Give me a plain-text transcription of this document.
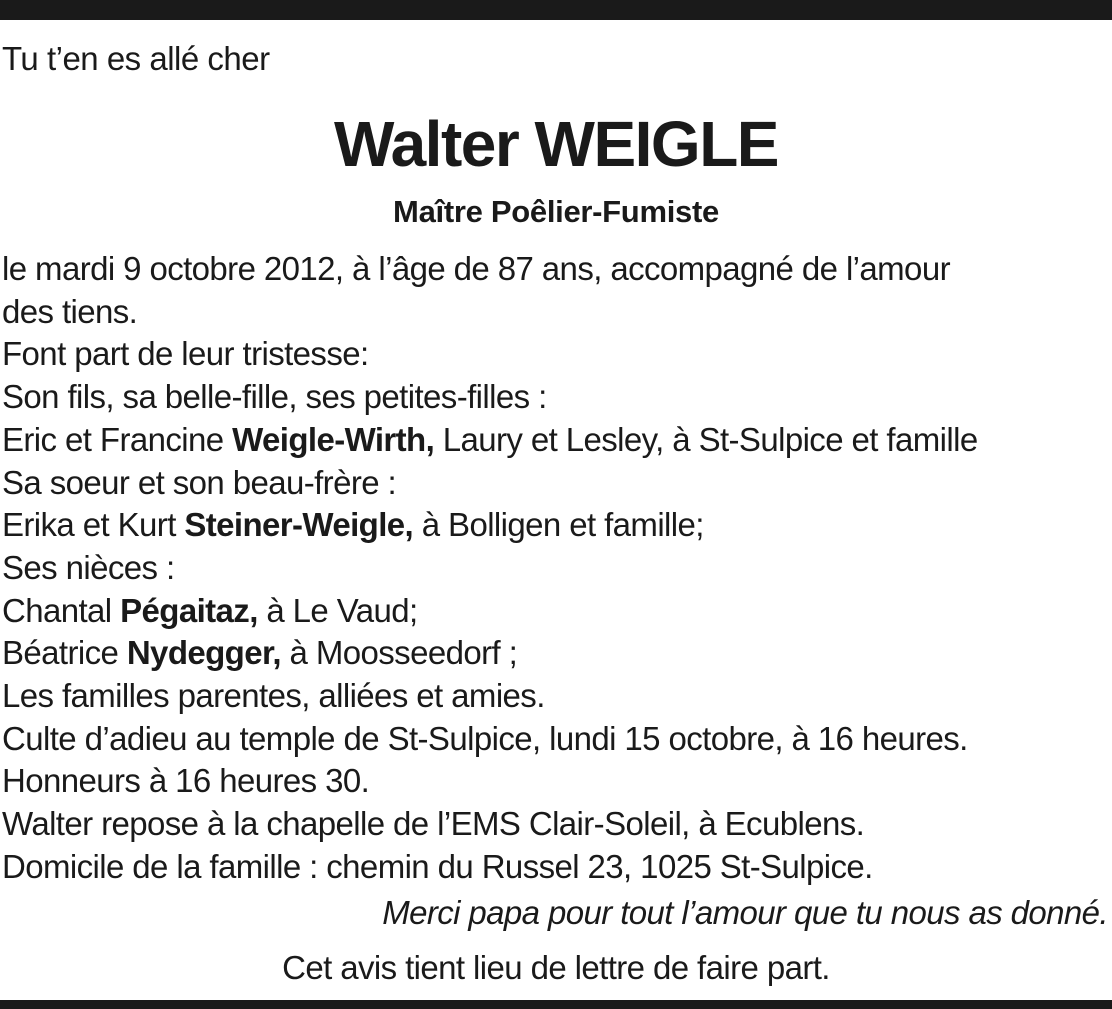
Tu t’en es allé cher
Walter WEIGLE
Maître Poêlier-Fumiste
le mardi 9 octobre 2012, à l’âge de 87 ans, accompagné de l’amour
des tiens.
Font part de leur tristesse:
Son fils, sa belle-fille, ses petites-filles :
Eric et Francine Weigle-Wirth, Laury et Lesley, à St-Sulpice et famille
Sa soeur et son beau-frère :
Erika et Kurt Steiner-Weigle, à Bolligen et famille;
Ses nièces :
Chantal Pégaitaz, à Le Vaud;
Béatrice Nydegger, à Moosseedorf ;
Les familles parentes, alliées et amies.
Culte d’adieu au temple de St-Sulpice, lundi 15 octobre, à 16 heures.
Honneurs à 16 heures 30.
Walter repose à la chapelle de l’EMS Clair-Soleil, à Ecublens.
Domicile de la famille : chemin du Russel 23, 1025 St-Sulpice.
Merci papa pour tout l’amour que tu nous as donné.
Cet avis tient lieu de lettre de faire part.
